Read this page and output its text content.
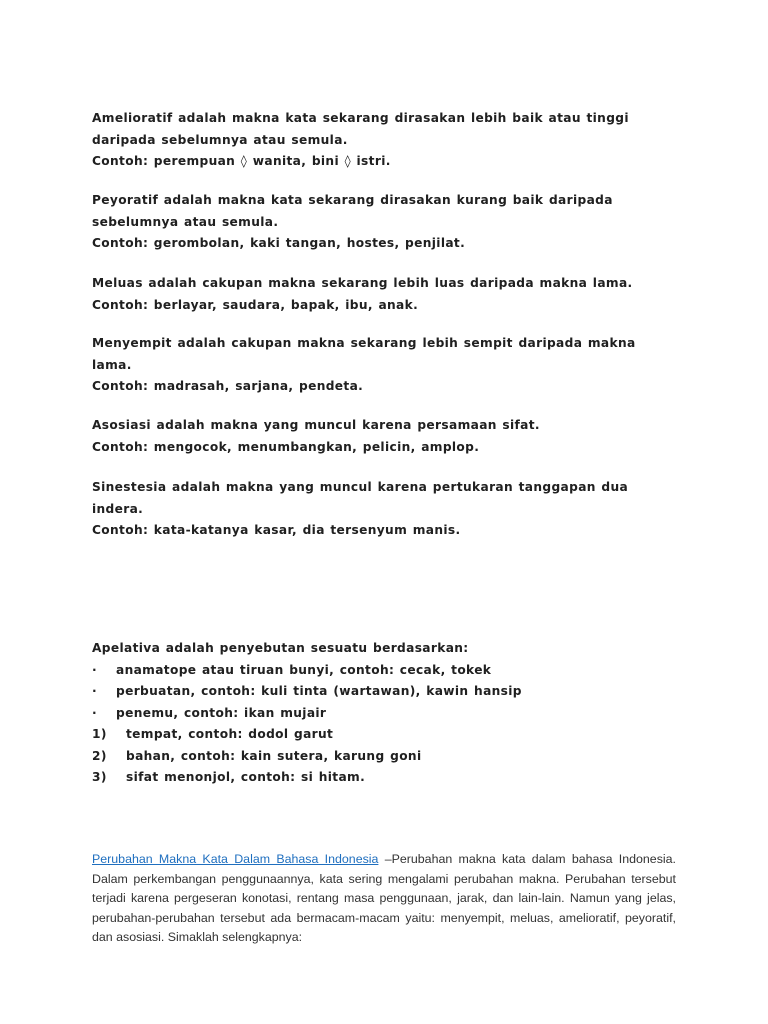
Amelioratif adalah makna kata sekarang dirasakan lebih baik atau tinggi daripada sebelumnya atau semula.

Contoh: perempuan ◊ wanita, bini ◊ istri.

Peyoratif adalah makna kata sekarang dirasakan kurang baik daripada sebelumnya atau semula.

Contoh: gerombolan, kaki tangan, hostes, penjilat.

Meluas adalah cakupan makna sekarang lebih luas daripada makna lama.

Contoh: berlayar, saudara, bapak, ibu, anak.

Menyempit adalah cakupan makna sekarang lebih sempit daripada makna lama.

Contoh: madrasah, sarjana, pendeta.

Asosiasi adalah makna yang muncul karena persamaan sifat.

Contoh: mengocok, menumbangkan, pelicin, amplop.

Sinestesia adalah makna yang muncul karena pertukaran tanggapan dua indera.

Contoh: kata-katanya kasar, dia tersenyum manis.

Apelativa adalah penyebutan sesuatu berdasarkan:

·	anamatope atau tiruan bunyi, contoh: cecak, tokek
·	perbuatan, contoh: kuli tinta (wartawan), kawin hansip
·	penemu, contoh: ikan mujair
1)	tempat, contoh: dodol garut
2)	bahan, contoh: kain sutera, karung goni
3)	sifat menonjol, contoh: si hitam.

Perubahan Makna Kata Dalam Bahasa Indonesia –Perubahan makna kata dalam bahasa Indonesia. Dalam perkembangan penggunaannya, kata sering mengalami perubahan makna. Perubahan tersebut terjadi karena pergeseran konotasi, rentang masa penggunaan, jarak, dan lain-lain. Namun yang jelas, perubahan-perubahan tersebut ada bermacam-macam yaitu: menyempit, meluas, amelioratif, peyoratif, dan asosiasi. Simaklah selengkapnya:
